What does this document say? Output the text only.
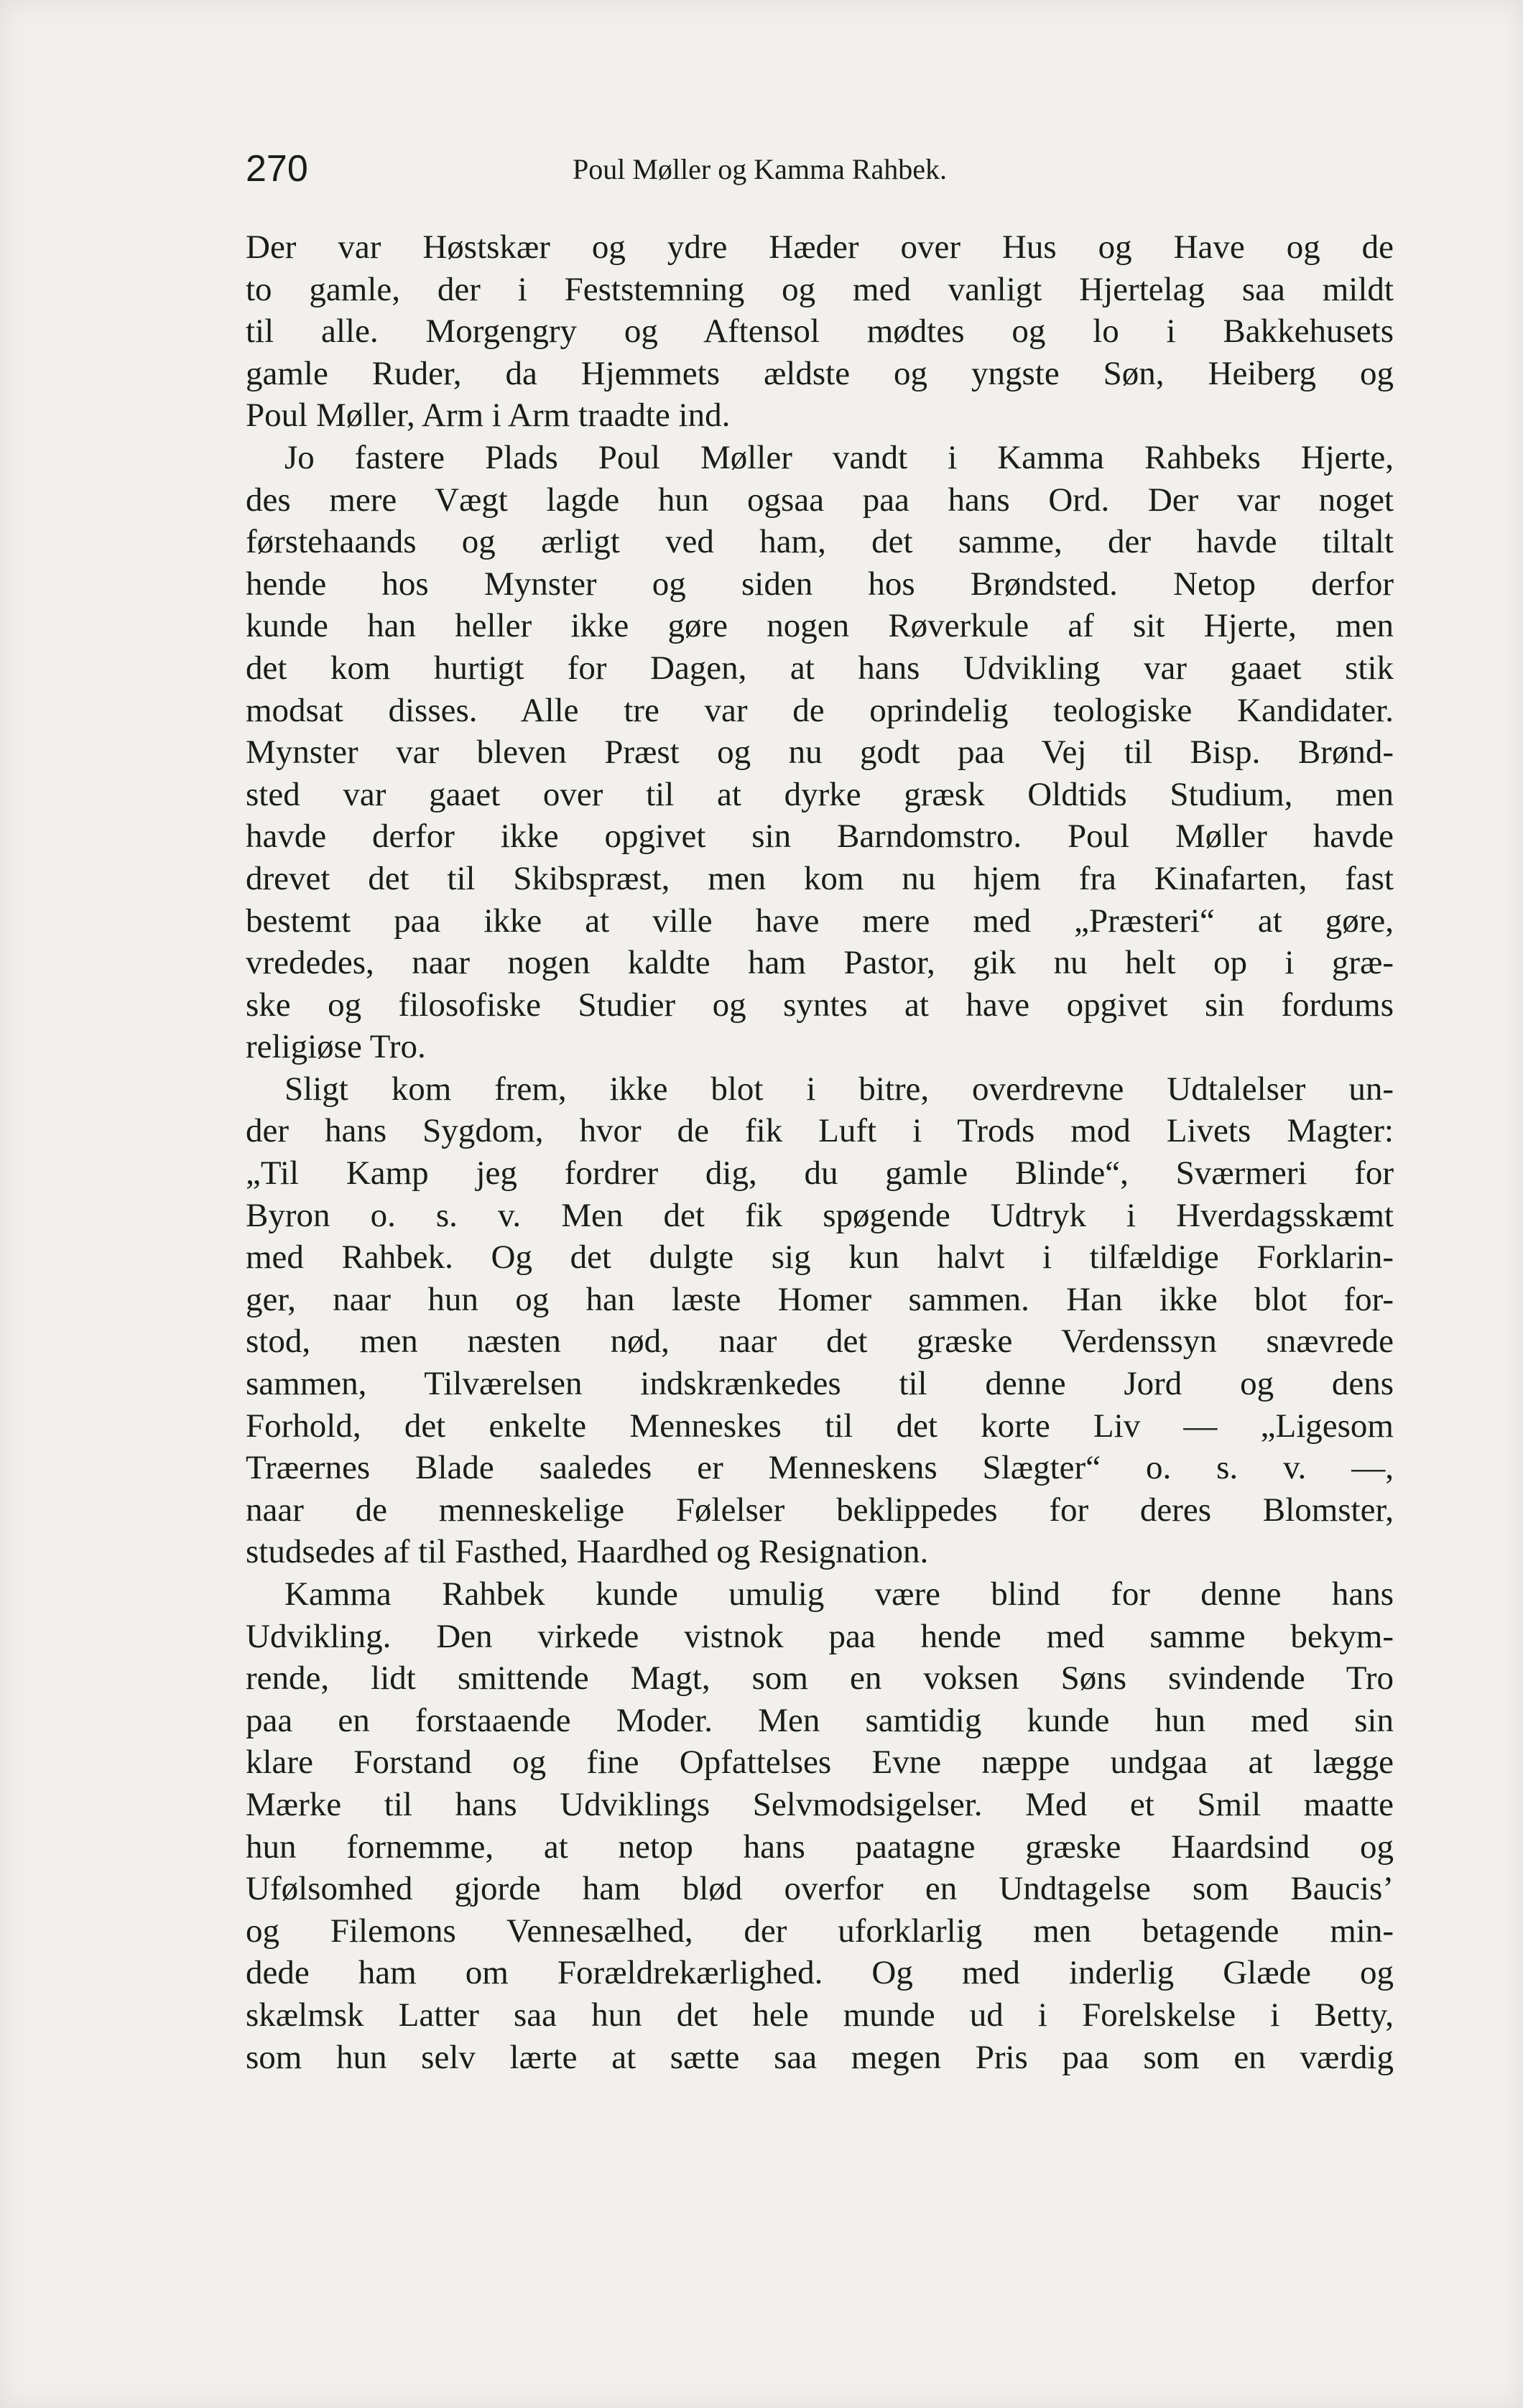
270	Poul Møller og Kamma Rahbek.
Der var Høstskær og ydre Hæder over Hus og Have og de
to gamle, der i Feststemning og med vanligt Hjertelag saa mildt
til alle. Morgengry og Aftensol mødtes og lo i Bakkehusets
gamle Ruder, da Hjemmets ældste og yngste Søn, Heiberg og
Poul Møller, Arm i Arm traadte ind.
Jo fastere Plads Poul Møller vandt i Kamma Rahbeks Hjerte,
des mere Vægt lagde hun ogsaa paa hans Ord. Der var noget
førstehaands og ærligt ved ham, det samme, der havde tiltalt
hende hos Mynster og siden hos Brøndsted. Netop derfor
kunde han heller ikke gøre nogen Røverkule af sit Hjerte, men
det kom hurtigt for Dagen, at hans Udvikling var gaaet stik
modsat disses. Alle tre var de oprindelig teologiske Kandidater.
Mynster var bleven Præst og nu godt paa Vej til Bisp. Brønd-
sted var gaaet over til at dyrke græsk Oldtids Studium, men
havde derfor ikke opgivet sin Barndomstro. Poul Møller havde
drevet det til Skibspræst, men kom nu hjem fra Kinafarten, fast
bestemt paa ikke at ville have mere med „Præsteri“ at gøre,
vrededes, naar nogen kaldte ham Pastor, gik nu helt op i græ-
ske og filosofiske Studier og syntes at have opgivet sin fordums
religiøse Tro.
Sligt kom frem, ikke blot i bitre, overdrevne Udtalelser un-
der hans Sygdom, hvor de fik Luft i Trods mod Livets Magter:
„Til Kamp jeg fordrer dig, du gamle Blinde“, Sværmeri for
Byron o. s. v. Men det fik spøgende Udtryk i Hverdagsskæmt
med Rahbek. Og det dulgte sig kun halvt i tilfældige Forklarin-
ger, naar hun og han læste Homer sammen. Han ikke blot for-
stod, men næsten nød, naar det græske Verdenssyn snævrede
sammen, Tilværelsen indskrænkedes til denne Jord og dens
Forhold, det enkelte Menneskes til det korte Liv — „Ligesom
Træernes Blade saaledes er Menneskens Slægter“ o. s. v. —,
naar de menneskelige Følelser beklippedes for deres Blomster,
studsedes af til Fasthed, Haardhed og Resignation.
Kamma Rahbek kunde umulig være blind for denne hans
Udvikling. Den virkede vistnok paa hende med samme bekym-
rende, lidt smittende Magt, som en voksen Søns svindende Tro
paa en forstaaende Moder. Men samtidig kunde hun med sin
klare Forstand og fine Opfattelses Evne næppe undgaa at lægge
Mærke til hans Udviklings Selvmodsigelser. Med et Smil maatte
hun fornemme, at netop hans paatagne græske Haardsind og
Ufølsomhed gjorde ham blød overfor en Undtagelse som Baucis’
og Filemons Vennesælhed, der uforklarlig men betagende min-
dede ham om Forældrekærlighed. Og med inderlig Glæde og
skælmsk Latter saa hun det hele munde ud i Forelskelse i Betty,
som hun selv lærte at sætte saa megen Pris paa som en værdig
